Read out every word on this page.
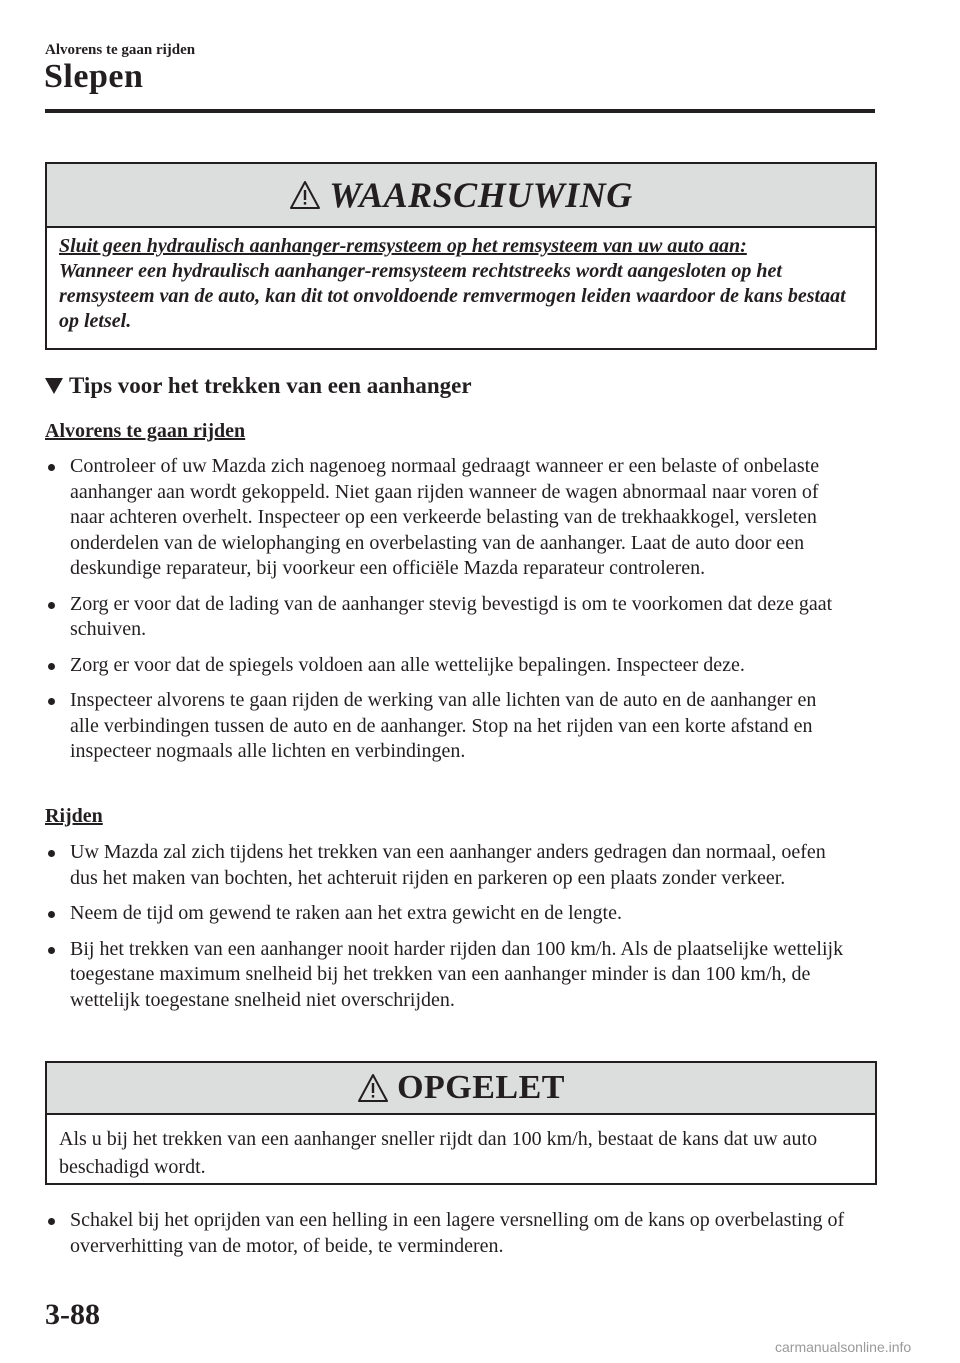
Alvorens te gaan rijden
Slepen
WAARSCHUWING
Sluit geen hydraulisch aanhanger-remsysteem op het remsysteem van uw auto aan:
Wanneer een hydraulisch aanhanger-remsysteem rechtstreeks wordt aangesloten op het remsysteem van de auto, kan dit tot onvoldoende remvermogen leiden waardoor de kans bestaat op letsel.
Tips voor het trekken van een aanhanger
Alvorens te gaan rijden
Controleer of uw Mazda zich nagenoeg normaal gedraagt wanneer er een belaste of onbelaste aanhanger aan wordt gekoppeld. Niet gaan rijden wanneer de wagen abnormaal naar voren of naar achteren overhelt. Inspecteer op een verkeerde belasting van de trekhaakkogel, versleten onderdelen van de wielophanging en overbelasting van de aanhanger. Laat de auto door een deskundige reparateur, bij voorkeur een officiële Mazda reparateur controleren.
Zorg er voor dat de lading van de aanhanger stevig bevestigd is om te voorkomen dat deze gaat schuiven.
Zorg er voor dat de spiegels voldoen aan alle wettelijke bepalingen. Inspecteer deze.
Inspecteer alvorens te gaan rijden de werking van alle lichten van de auto en de aanhanger en alle verbindingen tussen de auto en de aanhanger. Stop na het rijden van een korte afstand en inspecteer nogmaals alle lichten en verbindingen.
Rijden
Uw Mazda zal zich tijdens het trekken van een aanhanger anders gedragen dan normaal, oefen dus het maken van bochten, het achteruit rijden en parkeren op een plaats zonder verkeer.
Neem de tijd om gewend te raken aan het extra gewicht en de lengte.
Bij het trekken van een aanhanger nooit harder rijden dan 100 km/h. Als de plaatselijke wettelijk toegestane maximum snelheid bij het trekken van een aanhanger minder is dan 100 km/h, de wettelijk toegestane snelheid niet overschrijden.
OPGELET
Als u bij het trekken van een aanhanger sneller rijdt dan 100 km/h, bestaat de kans dat uw auto beschadigd wordt.
Schakel bij het oprijden van een helling in een lagere versnelling om de kans op overbelasting of oververhitting van de motor, of beide, te verminderen.
3-88
carmanualsonline.info
